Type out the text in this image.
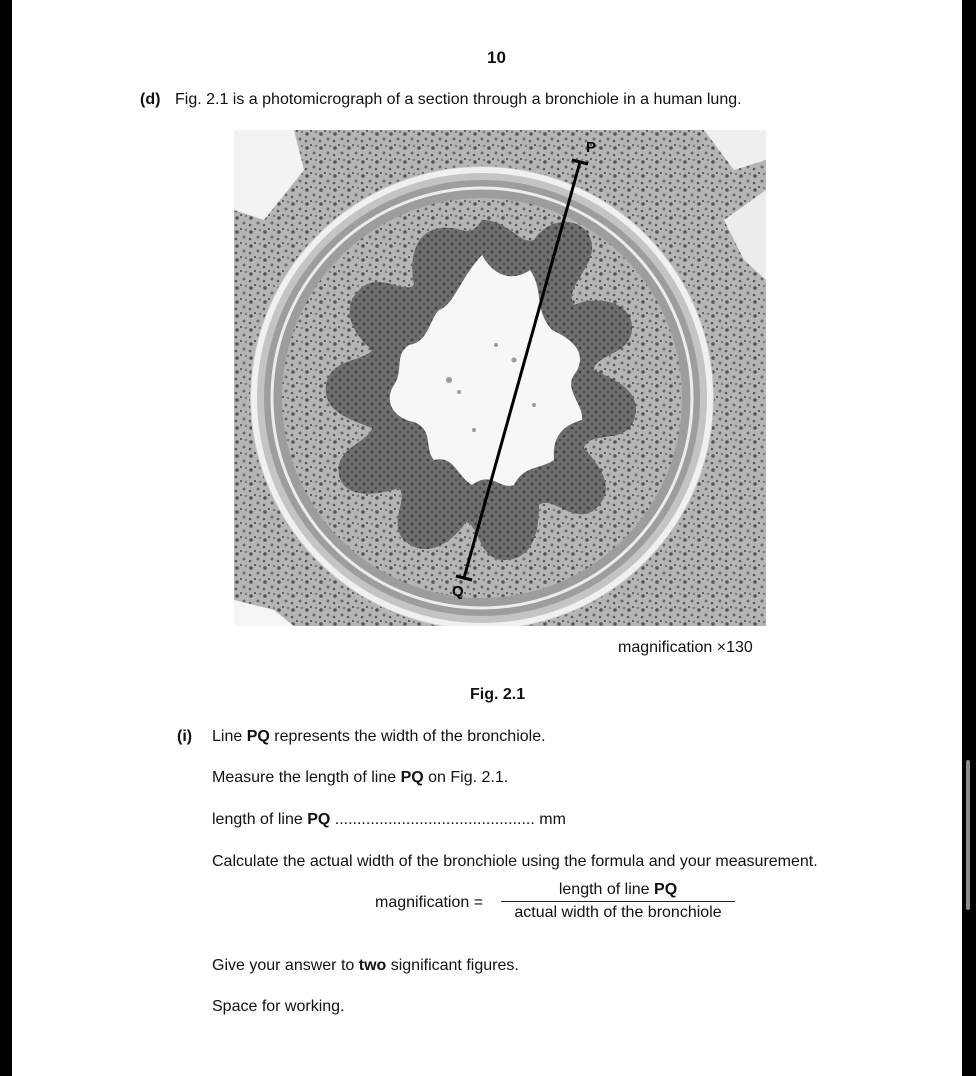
10
(d) Fig. 2.1 is a photomicrograph of a section through a bronchiole in a human lung.
P
Q
magnification ×130
Fig. 2.1
(i) Line PQ represents the width of the bronchiole.
Measure the length of line PQ on Fig. 2.1.
length of line PQ ............................................. mm
Calculate the actual width of the bronchiole using the formula and your measurement.
magnification =
length of line PQ
actual width of the bronchiole
Give your answer to two significant figures.
Space for working.
